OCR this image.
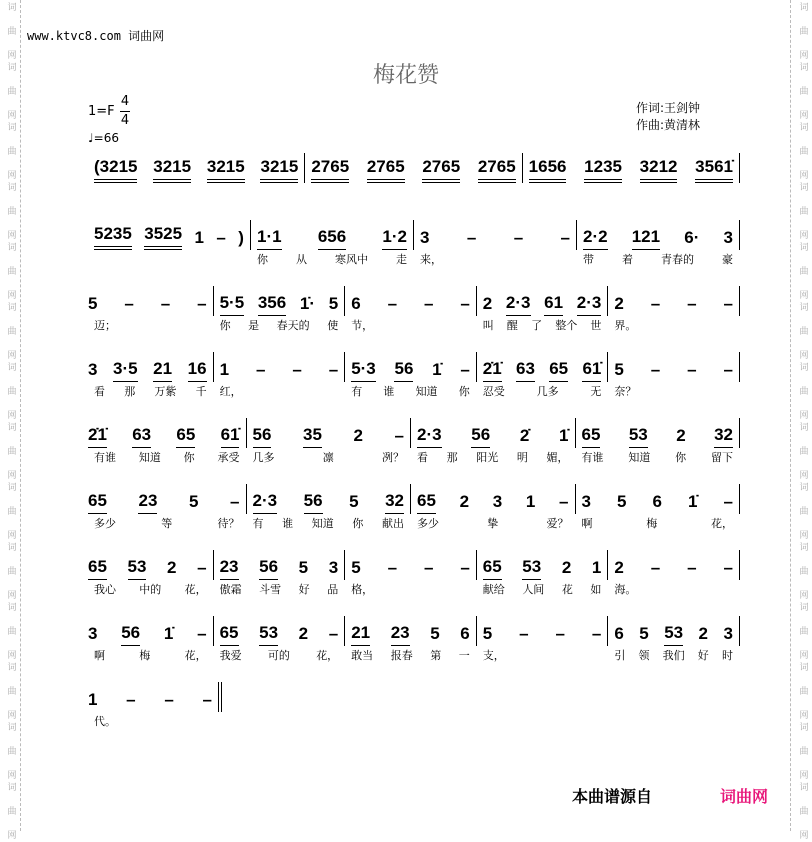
www.ktvc8.com 词曲网
梅花赞
1=F
4
4
♩=66
作词:王剑钟
作曲:黄清林
(3215 3215 3215 3215 2765 2765 2765 2765 1656 1235 3212 3561̇
5235 3525 1 – ) 1·1 656 1·2
你	从	寒风中	走
3 – – –
来，
2·2 121 6· 3
带	着	青春的	豪
5 – – –
迈；
5·5 356 1̇· 5
你 是 春天的 使
6 – – –
节，
2 2·3 61 2·3
叫 醒 了 整个 世
2 – – –
界。
3 3·5 21 16
看 那 万紫 千
1 – – –
红，
5·3 56 1̇ –
有 谁 知道 你
2̇1̇ 63 65 61̇
忍受	几多	无
5 – – –
奈？
2̇1̇ 63 65 61̇
有谁 知道 你 承受
56 35 2 –
几多	凛	冽？
2·3 56 2̇ 1̇
看 那 阳光 明 媚，
65 53 2 32
有谁 知道 你 留下
65 23 5 –
多少	等	待？
2·3 56 5 32
有 谁 知道 你 献出
65 2 3 1 –
多少	挚	爱？
3 5 6 1̇ –
啊	梅	花，
65 53 2 –
我心 中的 花，
23 56 5 3
傲霜 斗雪 好 品
5 – – –
格，
65 53 2 1
献给 人间 花 如
2 – – –
海。
3 56 1̇ –
啊	梅	花，
65 53 2 –
我爱 可的 花，
21 23 5 6
敢当 报春 第 一
5 – – –
支，
6 5 53 2 3
引 领 我们 好 时
1 – – –
代。
本曲谱源自	词曲网
词

曲

网
词

曲

网
词

曲

网
词

曲

网
词

曲

网
词

曲

网
词

曲

网
词

曲

网
词

曲

网
词

曲

网
词

曲

网
词

曲

网
词

曲

网
词

曲

网
词

曲

网
词

曲

网
词

曲

网
词

曲

网
词

曲

网
词

曲

网
词

曲

网
词

曲

网
词

曲

网
词

曲

网
词

曲

网
词

曲

网
词

曲

网
词

曲

网
